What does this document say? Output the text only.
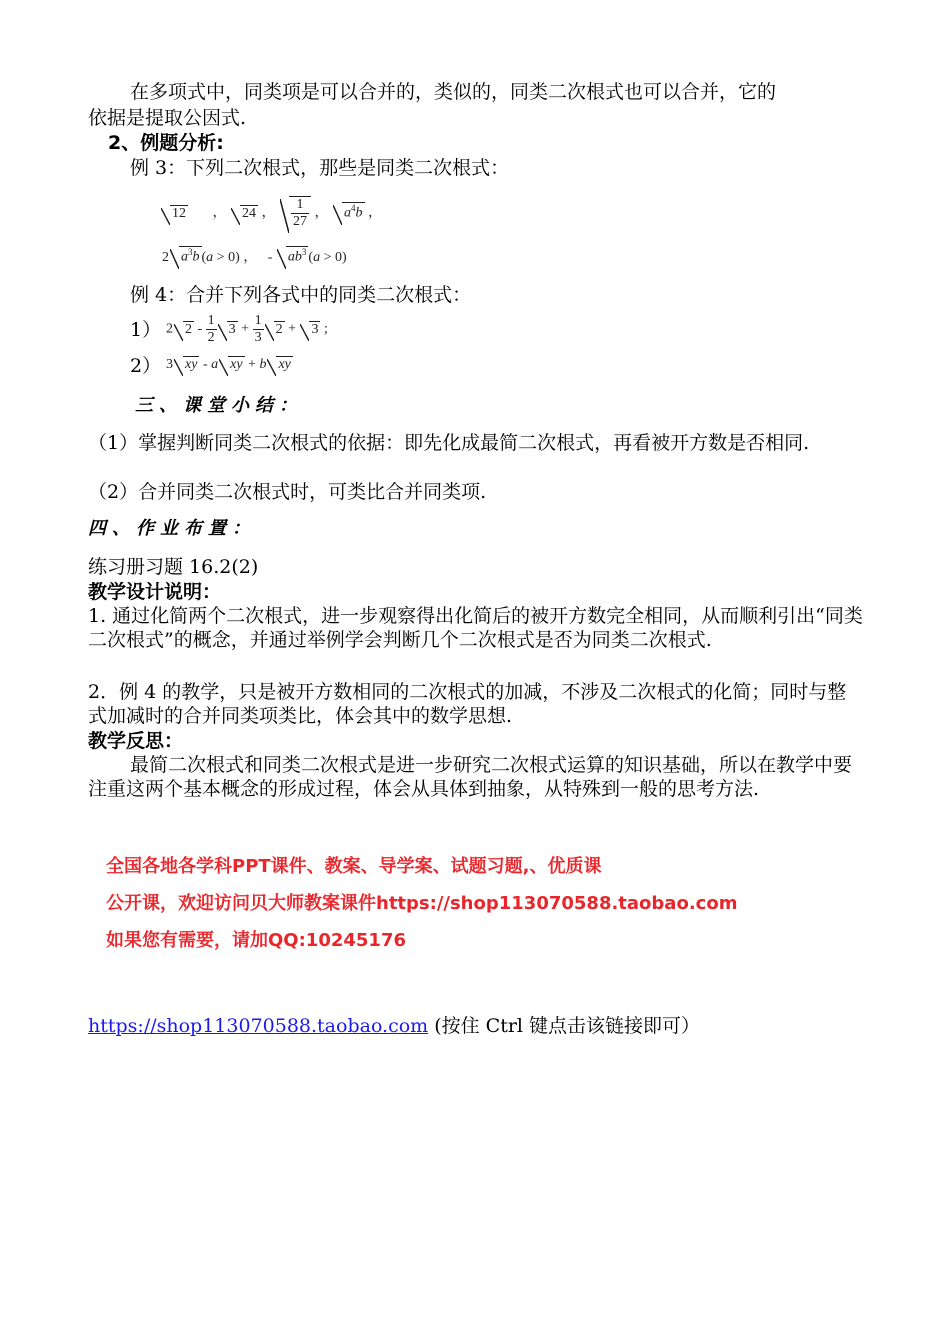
在多项式中，同类项是可以合并的，类似的，同类二次根式也可以合并，它的
依据是提取公因式.
2、例题分析:
例 3：下列二次根式，那些是同类二次根式：
12       ， 24 ， $\frac{1}{27}$ ， $a^4b$ ，
2 $a^3b$ (a > 0) ，   - $ab^3$ (a > 0)
例 4：合并下列各式中的同类二次根式：
1） 2 $2 - \frac{1}{2} 3 + \frac{1}{3} 2 + 3$ ;
2） 3 xy - a xy + b xy
三、课堂小结：
（1）掌握判断同类二次根式的依据：即先化成最简二次根式，再看被开方数是否相同.
（2）合并同类二次根式时，可类比合并同类项.
四、作业布置：
练习册习题 16.2(2)
教学设计说明：
1. 通过化简两个二次根式，进一步观察得出化简后的被开方数完全相同，从而顺利引出“同类二次根式”的概念，并通过举例学会判断几个二次根式是否为同类二次根式.
2．例 4 的教学，只是被开方数相同的二次根式的加减，不涉及二次根式的化简；同时与整式加减时的合并同类项类比，体会其中的数学思想.
教学反思：
最简二次根式和同类二次根式是进一步研究二次根式运算的知识基础，所以在教学中要注重这两个基本概念的形成过程，体会从具体到抽象，从特殊到一般的思考方法.
全国各地各学科PPT课件、教案、导学案、试题习题,、优质课
公开课，欢迎访问贝大师教案课件https://shop113070588.taobao.com
如果您有需要，请加QQ:10245176
https://shop113070588.taobao.com (按住 Ctrl 键点击该链接即可）
